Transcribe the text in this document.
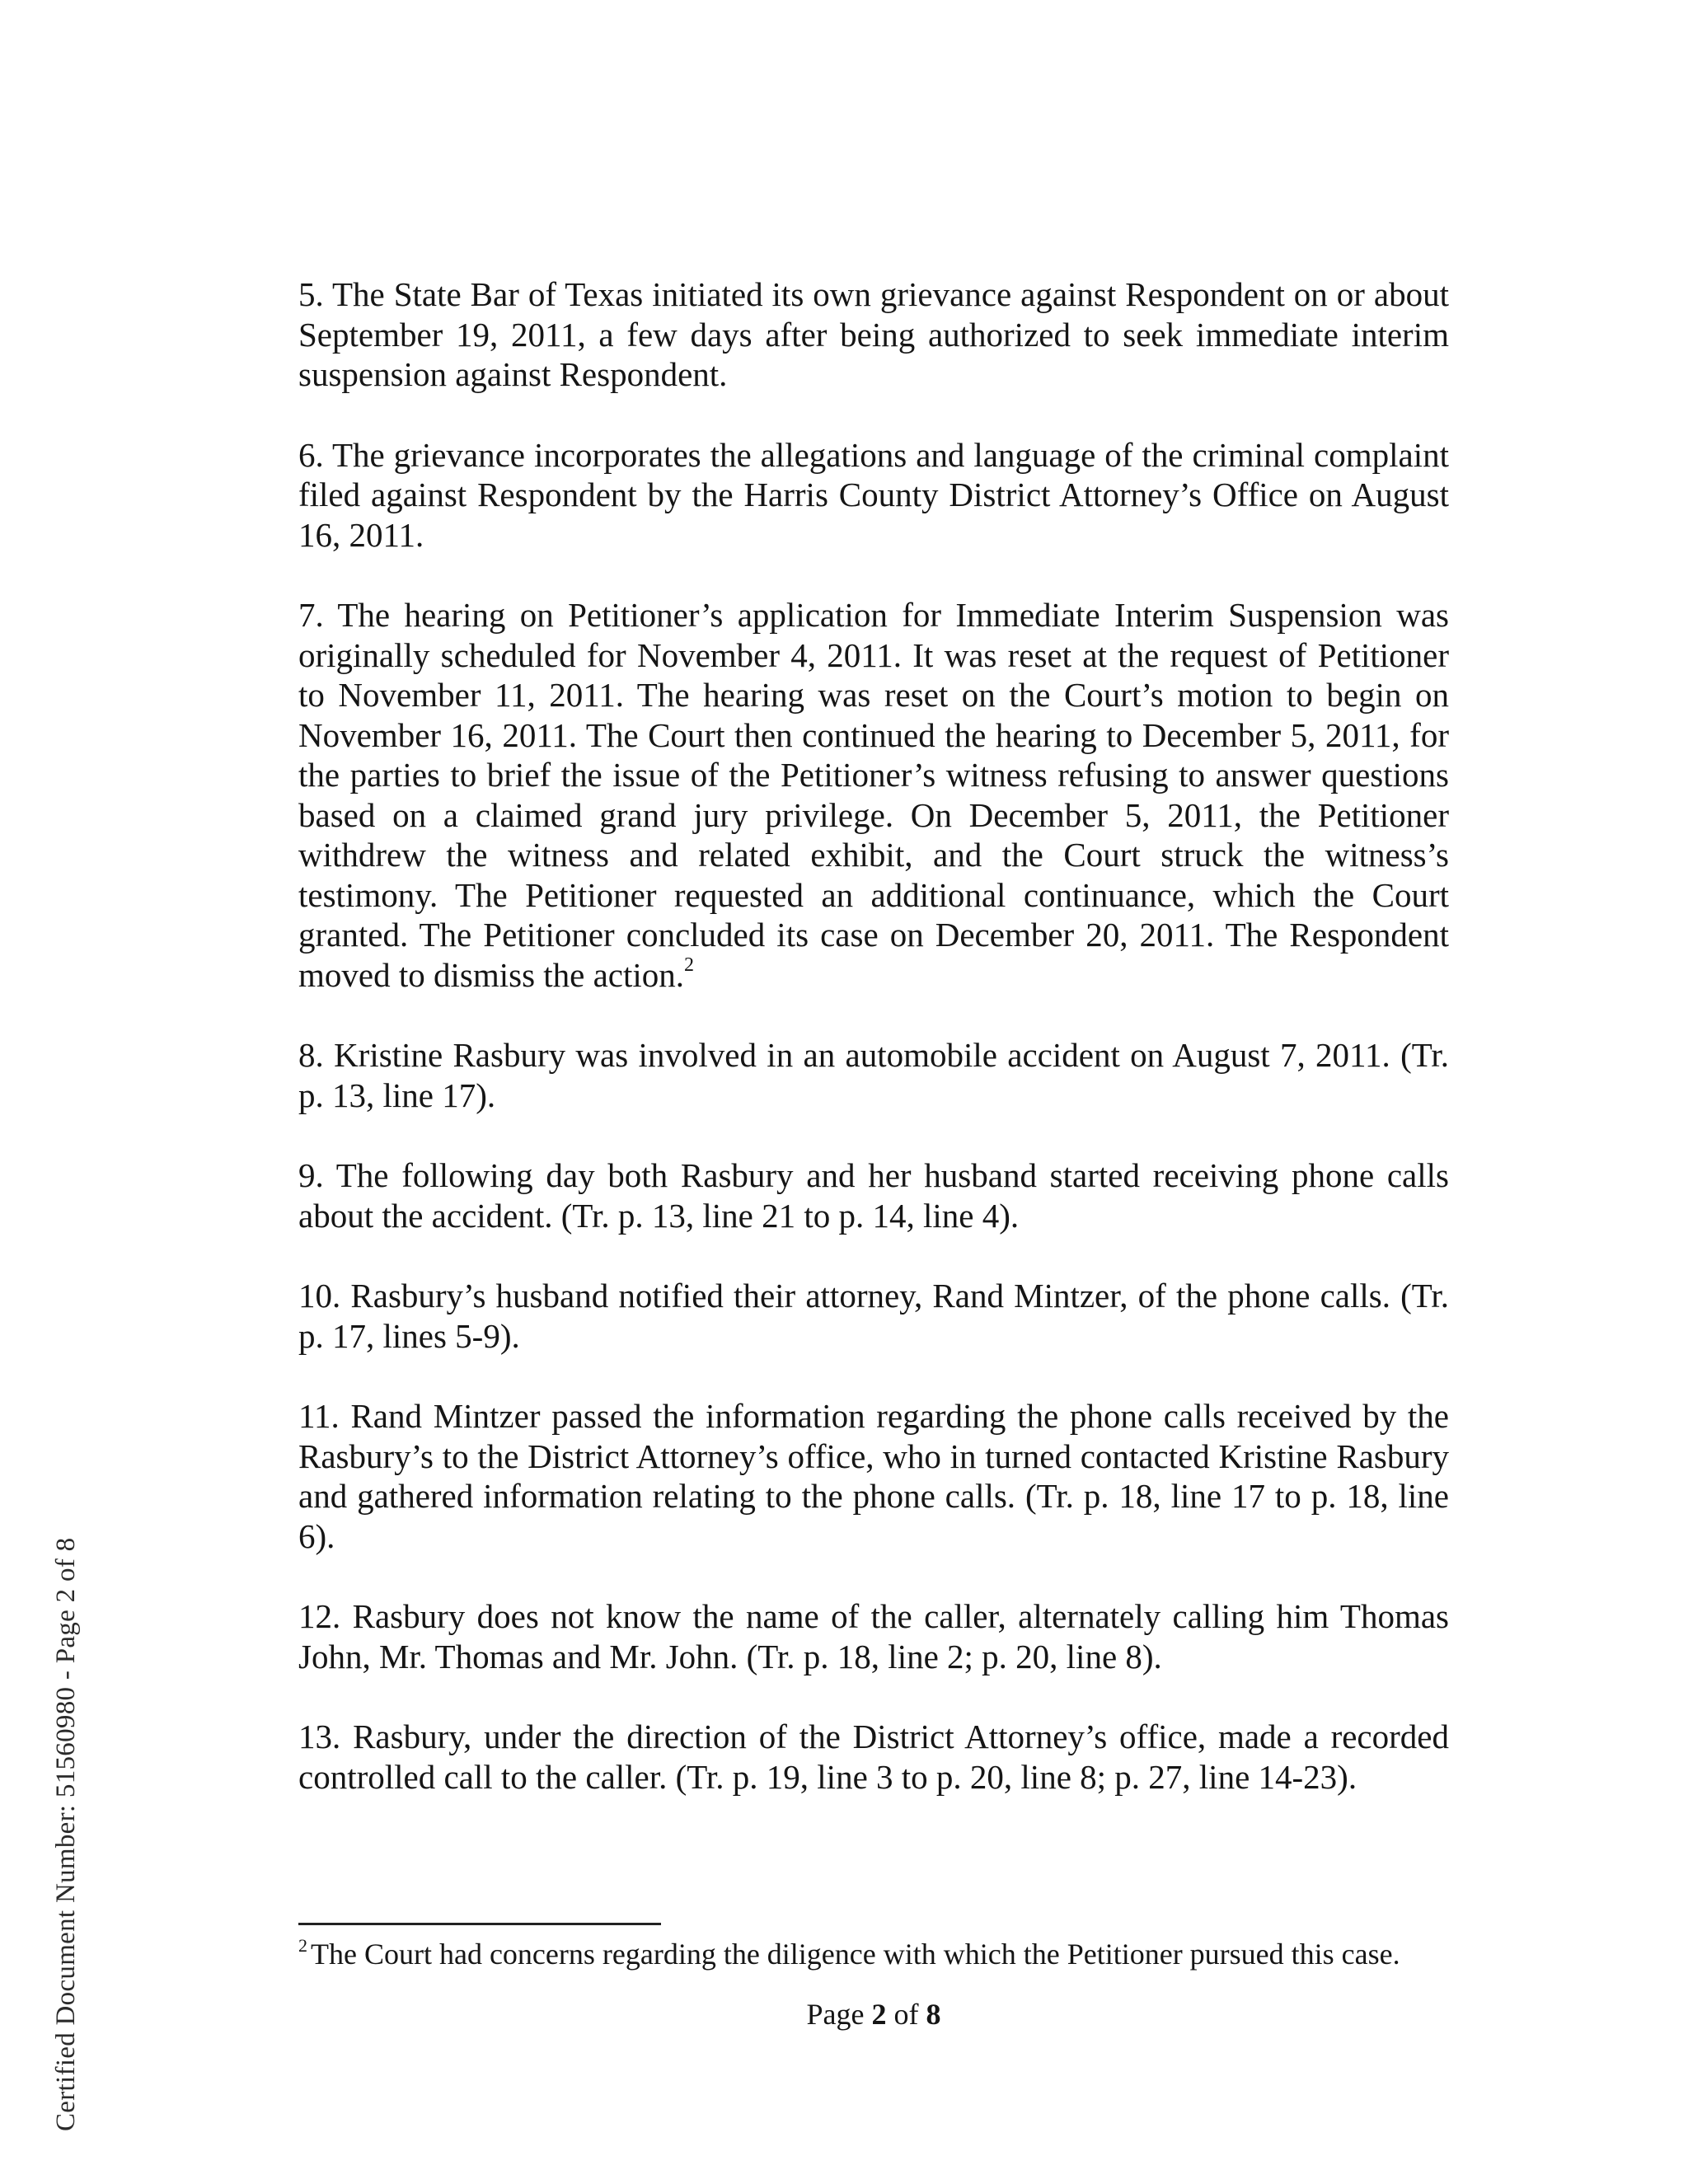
5. The State Bar of Texas initiated its own grievance against Respondent on or about September 19, 2011, a few days after being authorized to seek immediate interim suspension against Respondent.

6. The grievance incorporates the allegations and language of the criminal complaint filed against Respondent by the Harris County District Attorney’s Office on August 16, 2011.

7. The hearing on Petitioner’s application for Immediate Interim Suspension was originally scheduled for November 4, 2011. It was reset at the request of Petitioner to November 11, 2011. The hearing was reset on the Court’s motion to begin on November 16, 2011. The Court then continued the hearing to December 5, 2011, for the parties to brief the issue of the Petitioner’s witness refusing to answer questions based on a claimed grand jury privilege. On December 5, 2011, the Petitioner withdrew the witness and related exhibit, and the Court struck the witness’s testimony. The Petitioner requested an additional continuance, which the Court granted. The Petitioner concluded its case on December 20, 2011. The Respondent moved to dismiss the action.$^2$

8. Kristine Rasbury was involved in an automobile accident on August 7, 2011. (Tr. p. 13, line 17).

9. The following day both Rasbury and her husband started receiving phone calls about the accident. (Tr. p. 13, line 21 to p. 14, line 4).

10. Rasbury’s husband notified their attorney, Rand Mintzer, of the phone calls. (Tr. p. 17, lines 5-9).

11. Rand Mintzer passed the information regarding the phone calls received by the Rasbury’s to the District Attorney’s office, who in turned contacted Kristine Rasbury and gathered information relating to the phone calls. (Tr. p. 18, line 17 to p. 18, line 6).

12. Rasbury does not know the name of the caller, alternately calling him Thomas John, Mr. Thomas and Mr. John. (Tr. p. 18, line 2; p. 20, line 8).

13. Rasbury, under the direction of the District Attorney’s office, made a recorded controlled call to the caller. (Tr. p. 19, line 3 to p. 20, line 8; p. 27, line 14-23).

$^2$ The Court had concerns regarding the diligence with which the Petitioner pursued this case.
Page 2 of 8
Certified Document Number: 51560980 - Page 2 of 8
